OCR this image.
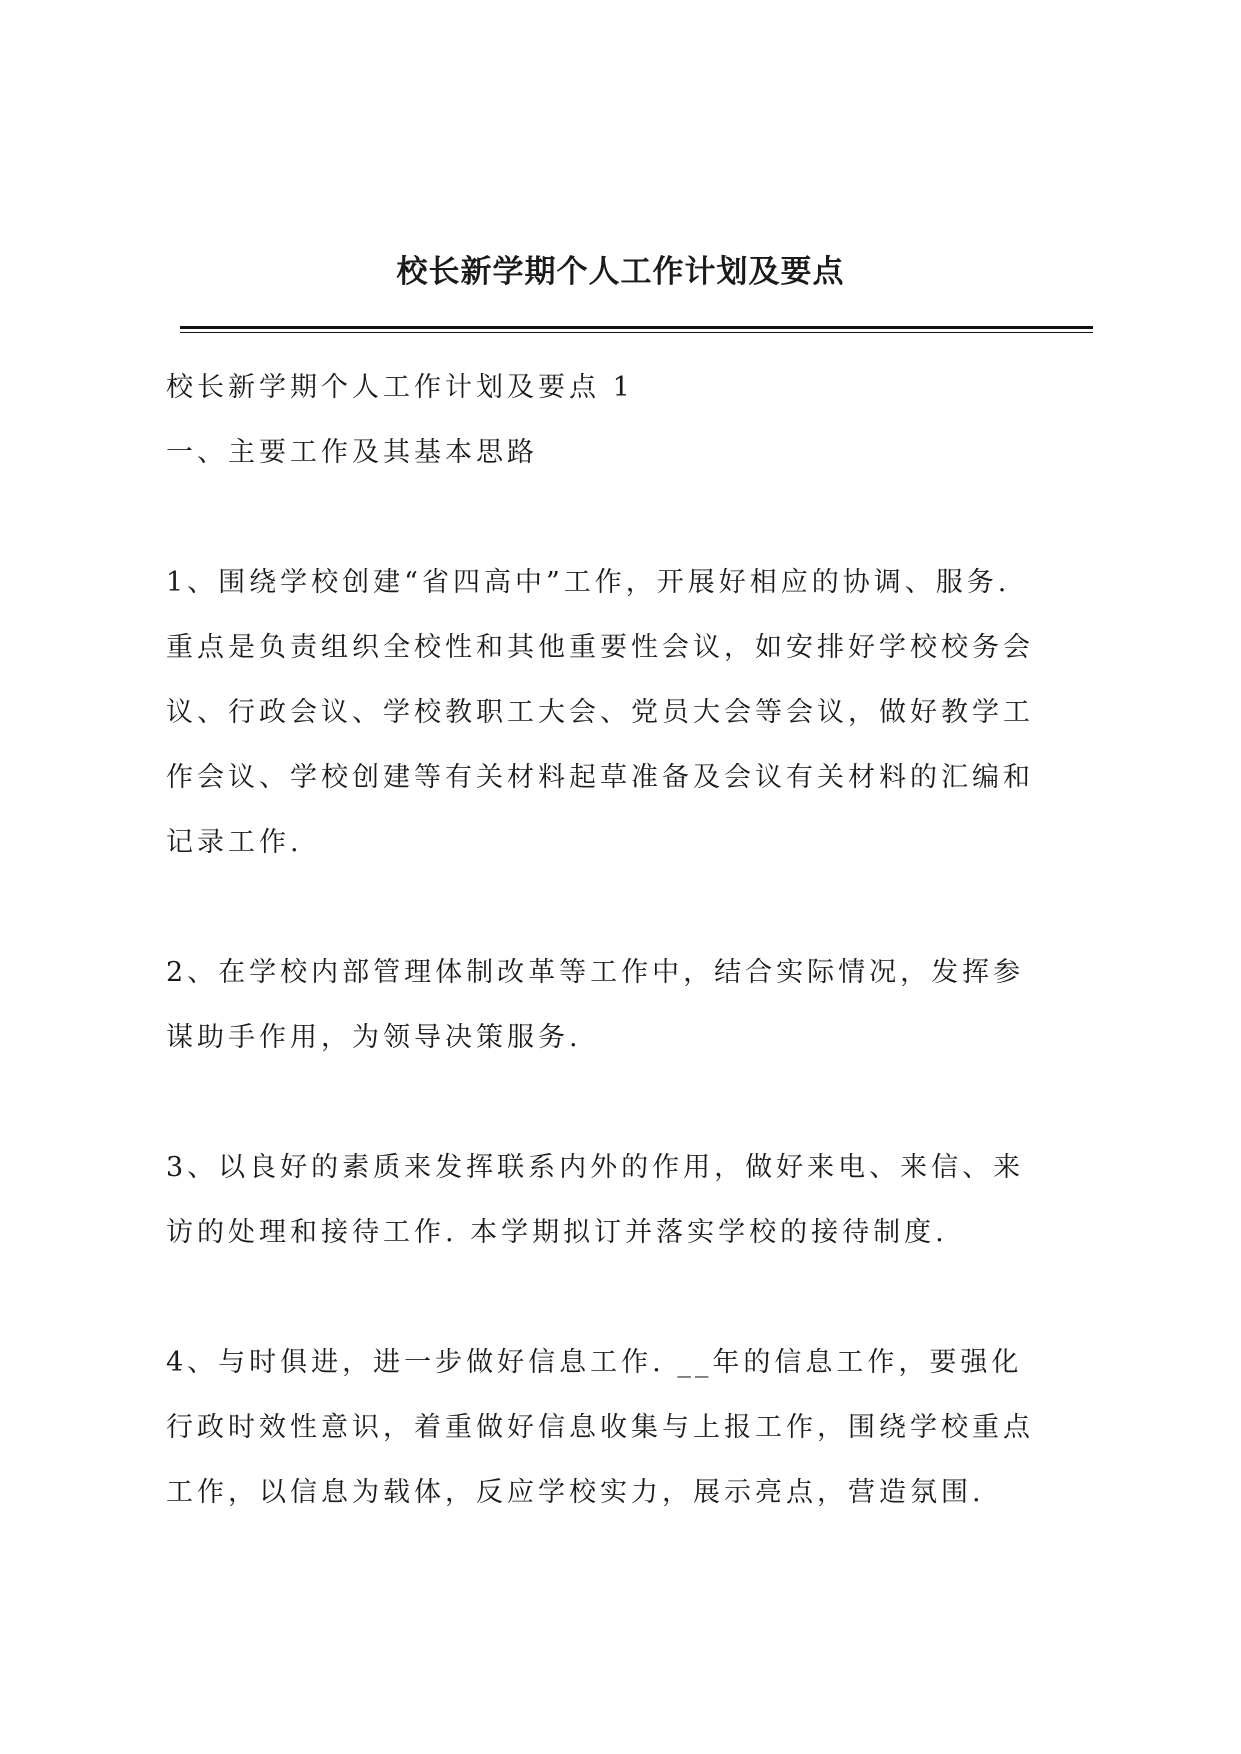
校长新学期个人工作计划及要点

校长新学期个人工作计划及要点 1

一、主要工作及其基本思路

1、围绕学校创建“省四高中”工作，开展好相应的协调、服务.

重点是负责组织全校性和其他重要性会议，如安排好学校校务会

议、行政会议、学校教职工大会、党员大会等会议，做好教学工

作会议、学校创建等有关材料起草准备及会议有关材料的汇编和

记录工作.

2、在学校内部管理体制改革等工作中，结合实际情况，发挥参

谋助手作用，为领导决策服务.

3、以良好的素质来发挥联系内外的作用，做好来电、来信、来

访的处理和接待工作. 本学期拟订并落实学校的接待制度.

4、与时俱进，进一步做好信息工作. __年的信息工作，要强化

行政时效性意识，着重做好信息收集与上报工作，围绕学校重点

工作，以信息为载体，反应学校实力，展示亮点，营造氛围.
